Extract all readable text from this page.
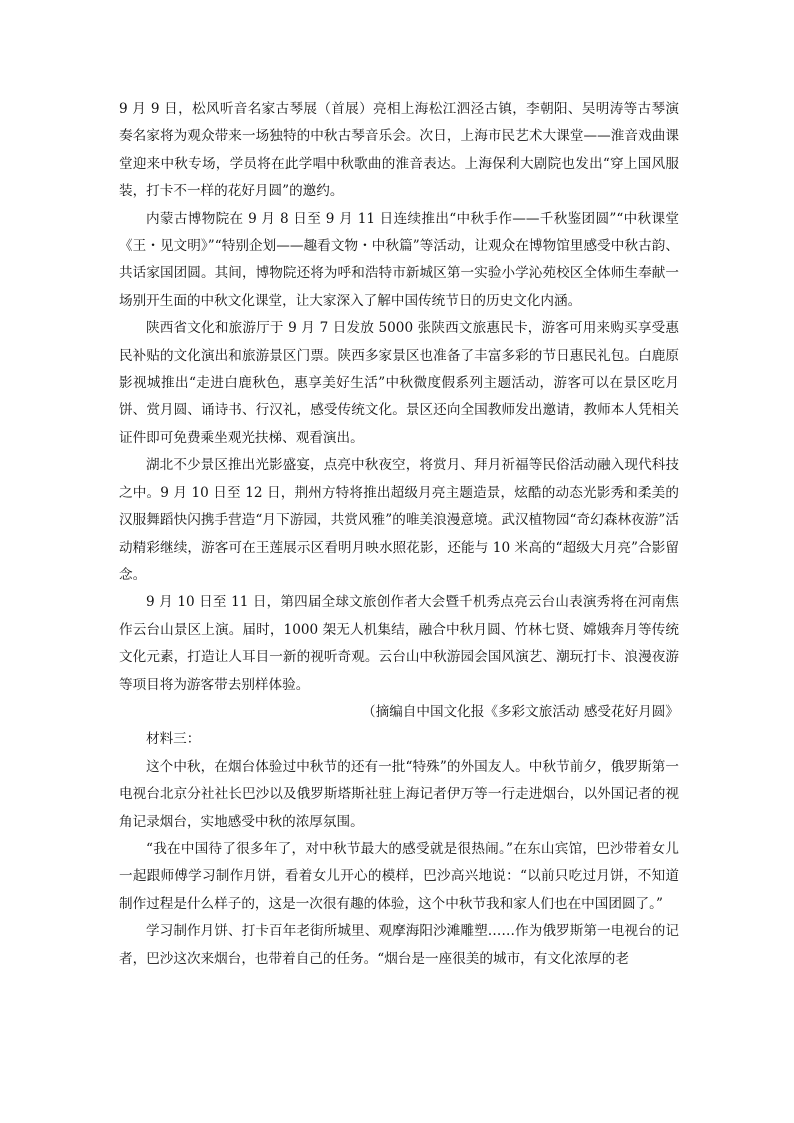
9 月 9 日，松风听音名家古琴展（首展）亮相上海松江泗泾古镇，李朝阳、吴明涛等古琴演奏名家将为观众带来一场独特的中秋古琴音乐会。次日，上海市民艺术大课堂——淮音戏曲课堂迎来中秋专场，学员将在此学唱中秋歌曲的淮音表达。上海保利大剧院也发出“穿上国风服装，打卡不一样的花好月圆”的邀约。

内蒙古博物院在 9 月 8 日至 9 月 11 日连续推出“中秋手作——千秋鉴团圆”“中秋课堂《王・见文明》”“特别企划——趣看文物・中秋篇”等活动，让观众在博物馆里感受中秋古韵、共话家国团圆。其间，博物院还将为呼和浩特市新城区第一实验小学沁苑校区全体师生奉献一场别开生面的中秋文化课堂，让大家深入了解中国传统节日的历史文化内涵。

陕西省文化和旅游厅于 9 月 7 日发放 5000 张陕西文旅惠民卡，游客可用来购买享受惠民补贴的文化演出和旅游景区门票。陕西多家景区也准备了丰富多彩的节日惠民礼包。白鹿原影视城推出“走进白鹿秋色，惠享美好生活”中秋微度假系列主题活动，游客可以在景区吃月饼、赏月圆、诵诗书、行汉礼，感受传统文化。景区还向全国教师发出邀请，教师本人凭相关证件即可免费乘坐观光扶梯、观看演出。

湖北不少景区推出光影盛宴，点亮中秋夜空，将赏月、拜月祈福等民俗活动融入现代科技之中。9 月 10 日至 12 日，荆州方特将推出超级月亮主题造景，炫酷的动态光影秀和柔美的汉服舞蹈快闪携手营造“月下游园，共赏风雅”的唯美浪漫意境。武汉植物园“奇幻森林夜游”活动精彩继续，游客可在王莲展示区看明月映水照花影，还能与 10 米高的“超级大月亮”合影留念。

9 月 10 日至 11 日，第四届全球文旅创作者大会暨千机秀点亮云台山表演秀将在河南焦作云台山景区上演。届时，1000 架无人机集结，融合中秋月圆、竹林七贤、嫦娥奔月等传统文化元素，打造让人耳目一新的视听奇观。云台山中秋游园会国风演艺、潮玩打卡、浪漫夜游等项目将为游客带去别样体验。

（摘编自中国文化报《多彩文旅活动 感受花好月圆》

材料三：

这个中秋，在烟台体验过中秋节的还有一批“特殊”的外国友人。中秋节前夕，俄罗斯第一电视台北京分社社长巴沙以及俄罗斯塔斯社驻上海记者伊万等一行走进烟台，以外国记者的视角记录烟台，实地感受中秋的浓厚氛围。

“我在中国待了很多年了，对中秋节最大的感受就是很热闹。”在东山宾馆，巴沙带着女儿一起跟师傅学习制作月饼，看着女儿开心的模样，巴沙高兴地说：“以前只吃过月饼，不知道制作过程是什么样子的，这是一次很有趣的体验，这个中秋节我和家人们也在中国团圆了。”

学习制作月饼、打卡百年老街所城里、观摩海阳沙滩雕塑……作为俄罗斯第一电视台的记者，巴沙这次来烟台，也带着自己的任务。“烟台是一座很美的城市，有文化浓厚的老
